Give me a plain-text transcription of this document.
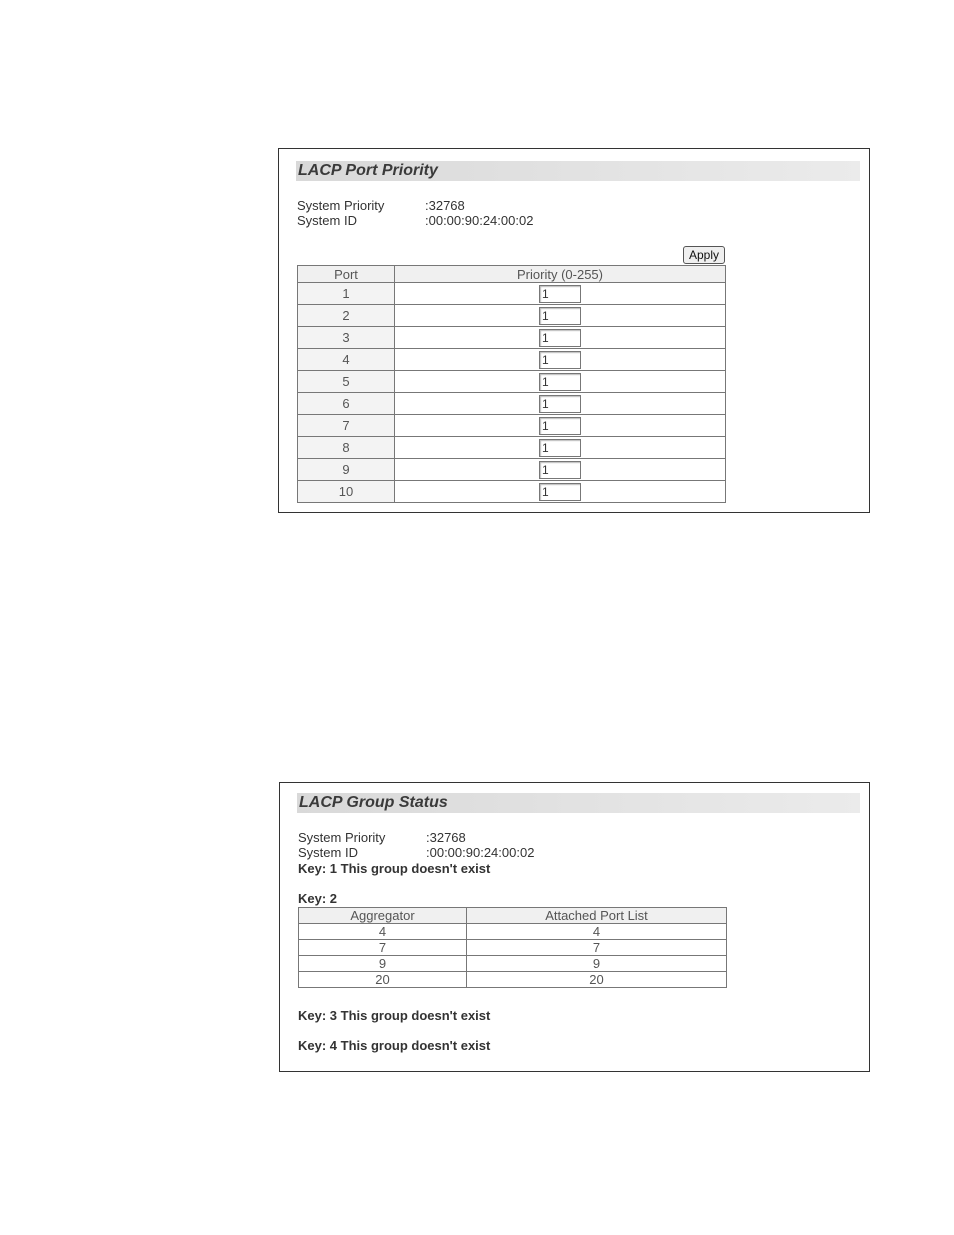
LACP Port Priority
System Priority	:32768
System ID	:00:00:90:24:00:02
Apply
Port	Priority (0-255)
1	1
2	1
3	1
4	1
5	1
6	1
7	1
8	1
9	1
10	1
LACP Group Status
System Priority	:32768
System ID	:00:00:90:24:00:02
Key: 1 This group doesn't exist
Key: 2
Aggregator	Attached Port List
4	4
7	7
9	9
20	20
Key: 3 This group doesn't exist
Key: 4 This group doesn't exist
